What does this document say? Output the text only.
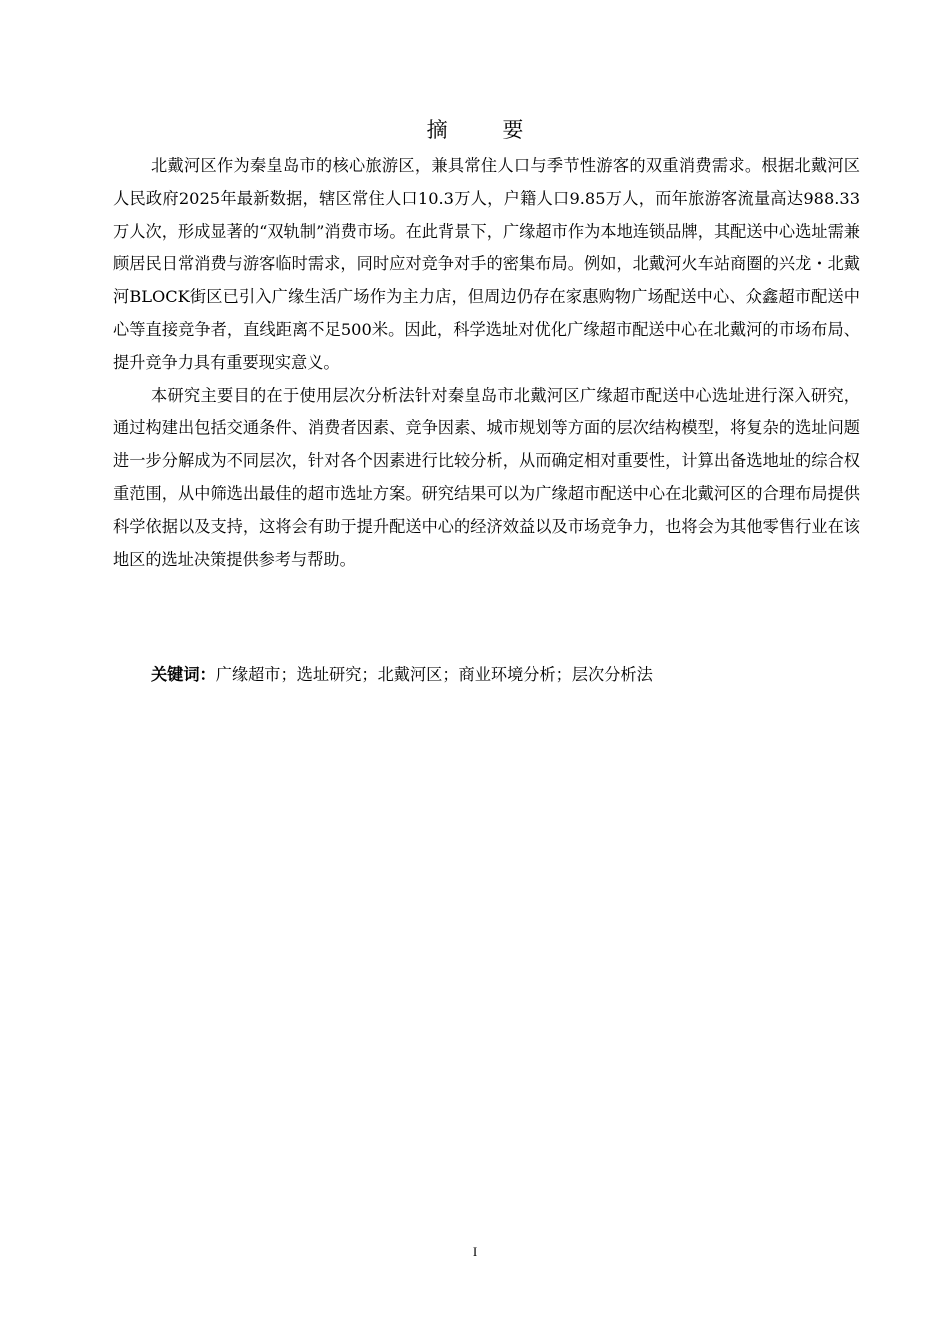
摘 要

北戴河区作为秦皇岛市的核心旅游区，兼具常住人口与季节性游客的双重消费需求。根据北戴河区人民政府2025年最新数据，辖区常住人口10.3万人，户籍人口9.85万人，而年旅游客流量高达988.33万人次，形成显著的“双轨制”消费市场。在此背景下，广缘超市作为本地连锁品牌，其配送中心选址需兼顾居民日常消费与游客临时需求，同时应对竞争对手的密集布局。例如，北戴河火车站商圈的兴龙・北戴河BLOCK街区已引入广缘生活广场作为主力店，但周边仍存在家惠购物广场配送中心、众鑫超市配送中心等直接竞争者，直线距离不足500米。因此，科学选址对优化广缘超市配送中心在北戴河的市场布局、提升竞争力具有重要现实意义。

本研究主要目的在于使用层次分析法针对秦皇岛市北戴河区广缘超市配送中心选址进行深入研究，通过构建出包括交通条件、消费者因素、竞争因素、城市规划等方面的层次结构模型，将复杂的选址问题进一步分解成为不同层次，针对各个因素进行比较分析，从而确定相对重要性，计算出备选地址的综合权重范围，从中筛选出最佳的超市选址方案。研究结果可以为广缘超市配送中心在北戴河区的合理布局提供科学依据以及支持，这将会有助于提升配送中心的经济效益以及市场竞争力，也将会为其他零售行业在该地区的选址决策提供参考与帮助。

关键词：广缘超市；选址研究；北戴河区；商业环境分析；层次分析法
I
